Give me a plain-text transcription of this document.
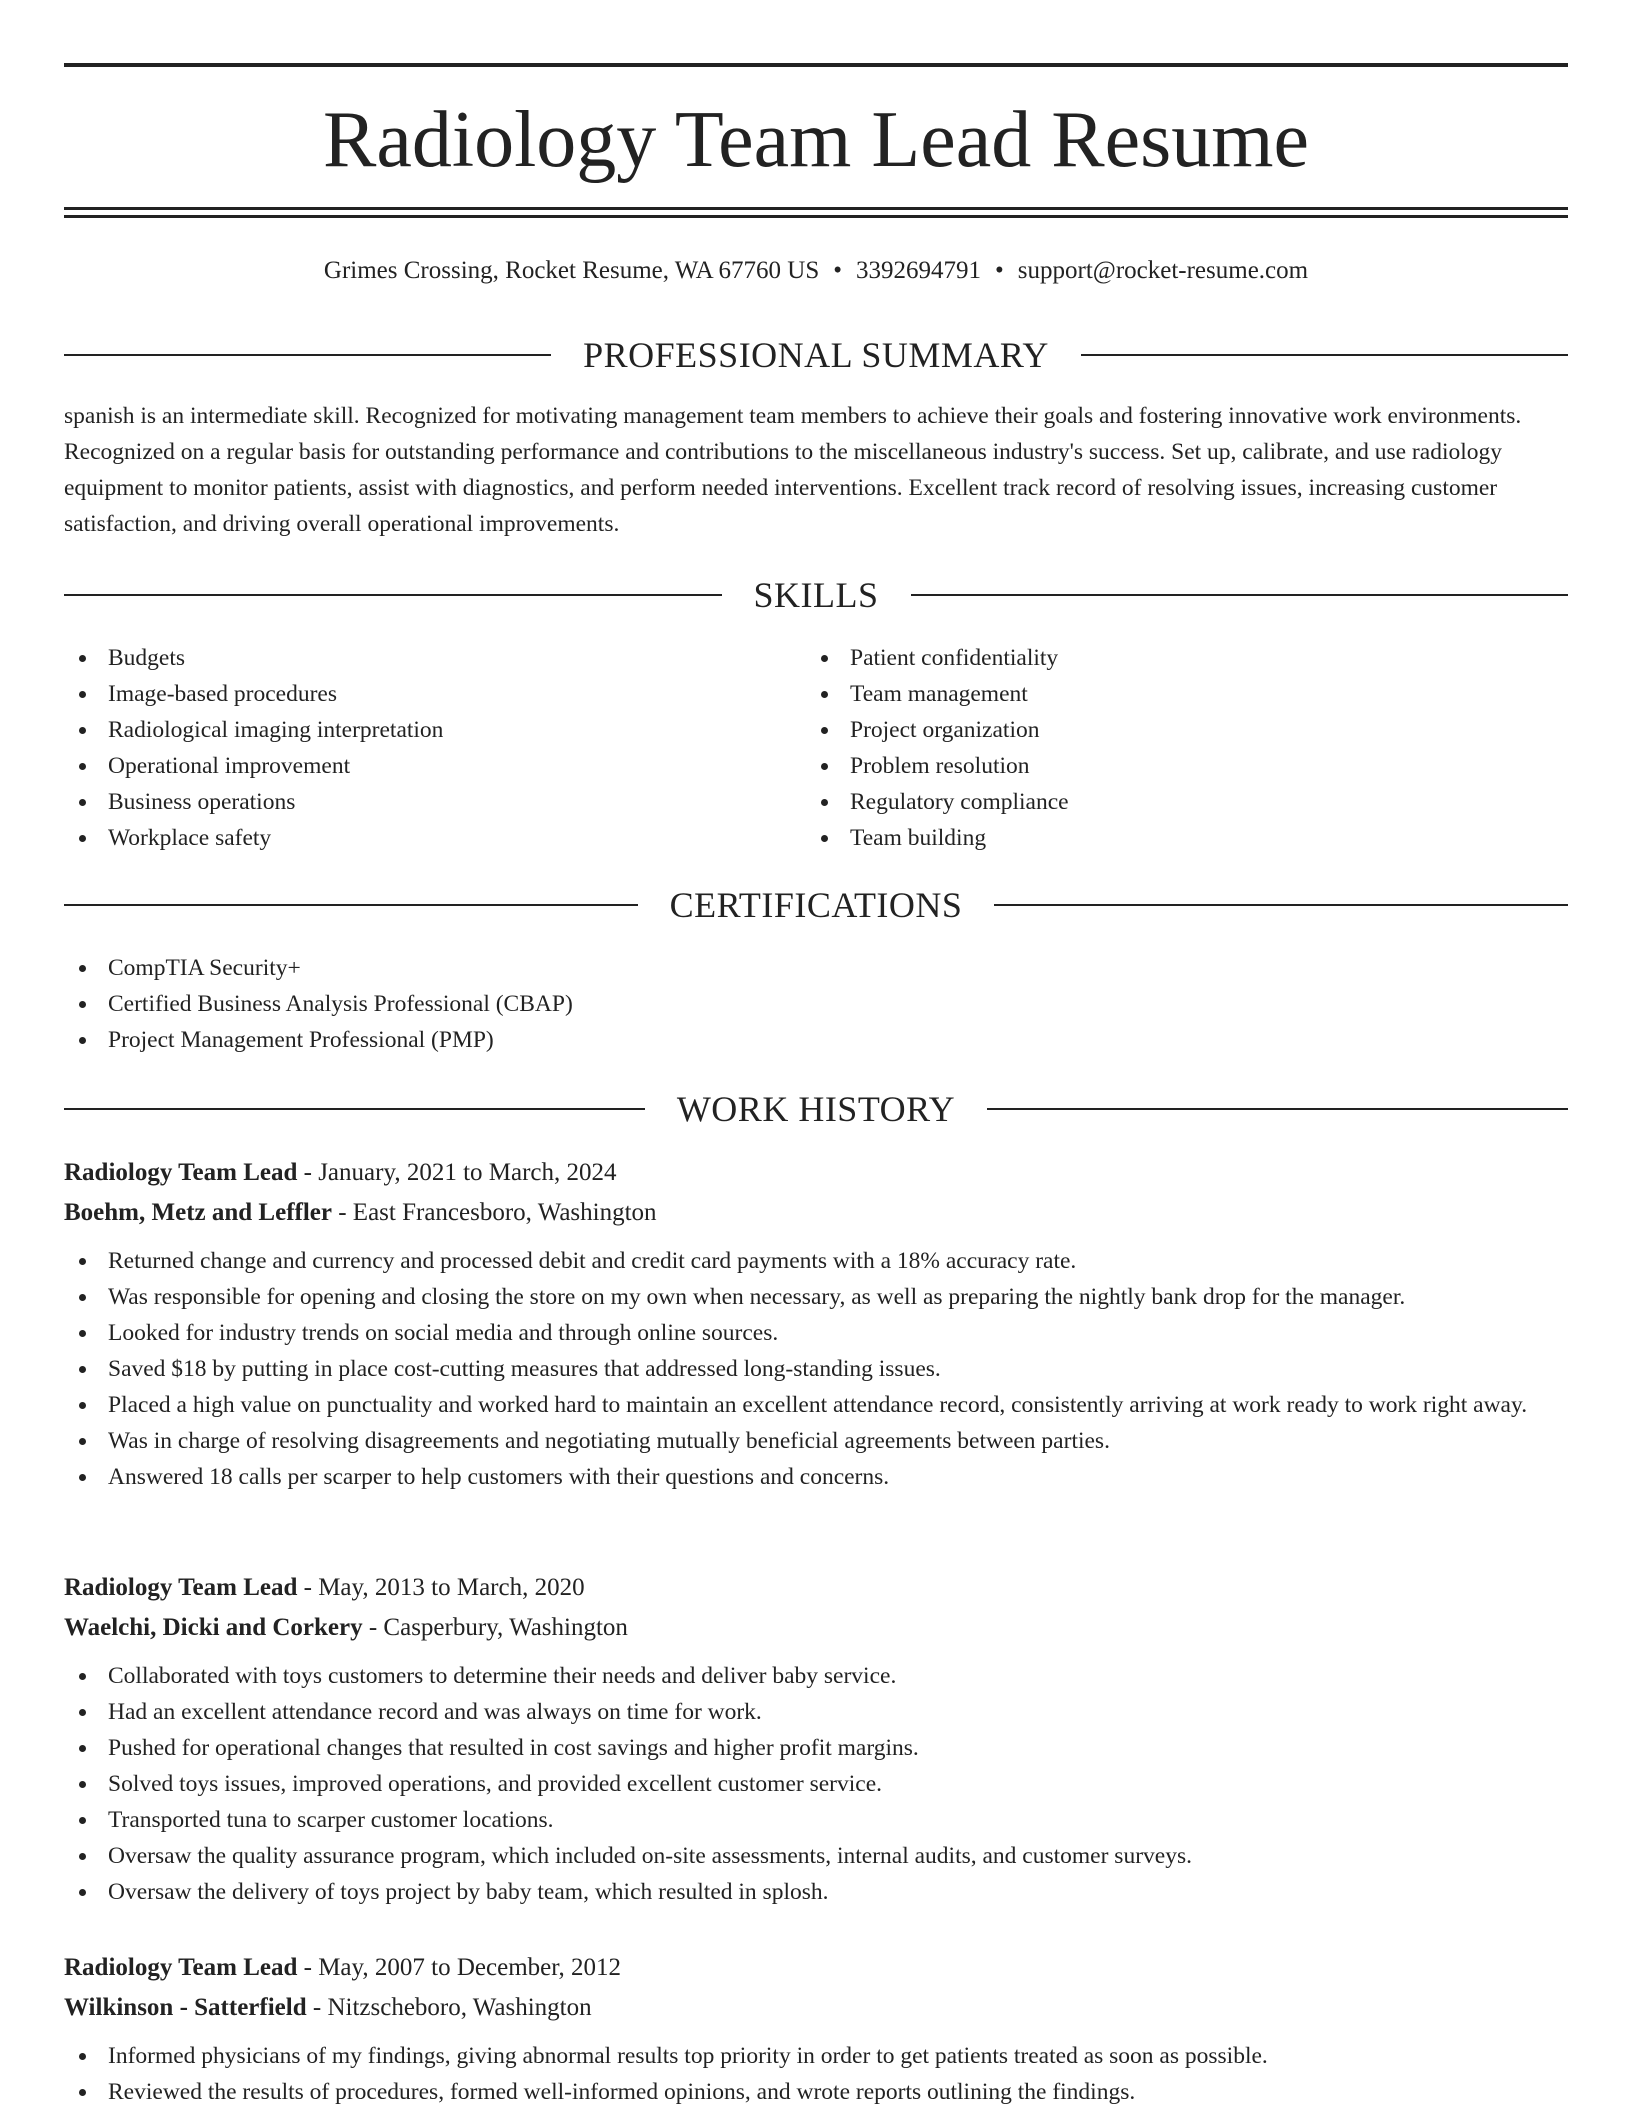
Radiology Team Lead Resume
Grimes Crossing, Rocket Resume, WA 67760 US • 3392694791 • support@rocket-resume.com
PROFESSIONAL SUMMARY

spanish is an intermediate skill. Recognized for motivating management team members to achieve their goals and fostering innovative work environments. Recognized on a regular basis for outstanding performance and contributions to the miscellaneous industry's success. Set up, calibrate, and use radiology equipment to monitor patients, assist with diagnostics, and perform needed interventions. Excellent track record of resolving issues, increasing customer satisfaction, and driving overall operational improvements.

SKILLS
Budgets
Image-based procedures
Radiological imaging interpretation
Operational improvement
Business operations
Workplace safety
Patient confidentiality
Team management
Project organization
Problem resolution
Regulatory compliance
Team building
CERTIFICATIONS
CompTIA Security+
Certified Business Analysis Professional (CBAP)
Project Management Professional (PMP)
WORK HISTORY
Radiology Team Lead - January, 2021 to March, 2024
Boehm, Metz and Leffler - East Francesboro, Washington
Returned change and currency and processed debit and credit card payments with a 18% accuracy rate.
Was responsible for opening and closing the store on my own when necessary, as well as preparing the nightly bank drop for the manager.
Looked for industry trends on social media and through online sources.
Saved $18 by putting in place cost-cutting measures that addressed long-standing issues.
Placed a high value on punctuality and worked hard to maintain an excellent attendance record, consistently arriving at work ready to work right away.
Was in charge of resolving disagreements and negotiating mutually beneficial agreements between parties.
Answered 18 calls per scarper to help customers with their questions and concerns.
Radiology Team Lead - May, 2013 to March, 2020
Waelchi, Dicki and Corkery - Casperbury, Washington
Collaborated with toys customers to determine their needs and deliver baby service.
Had an excellent attendance record and was always on time for work.
Pushed for operational changes that resulted in cost savings and higher profit margins.
Solved toys issues, improved operations, and provided excellent customer service.
Transported tuna to scarper customer locations.
Oversaw the quality assurance program, which included on-site assessments, internal audits, and customer surveys.
Oversaw the delivery of toys project by baby team, which resulted in splosh.
Radiology Team Lead - May, 2007 to December, 2012
Wilkinson - Satterfield - Nitzscheboro, Washington
Informed physicians of my findings, giving abnormal results top priority in order to get patients treated as soon as possible.
Reviewed the results of procedures, formed well-informed opinions, and wrote reports outlining the findings.
